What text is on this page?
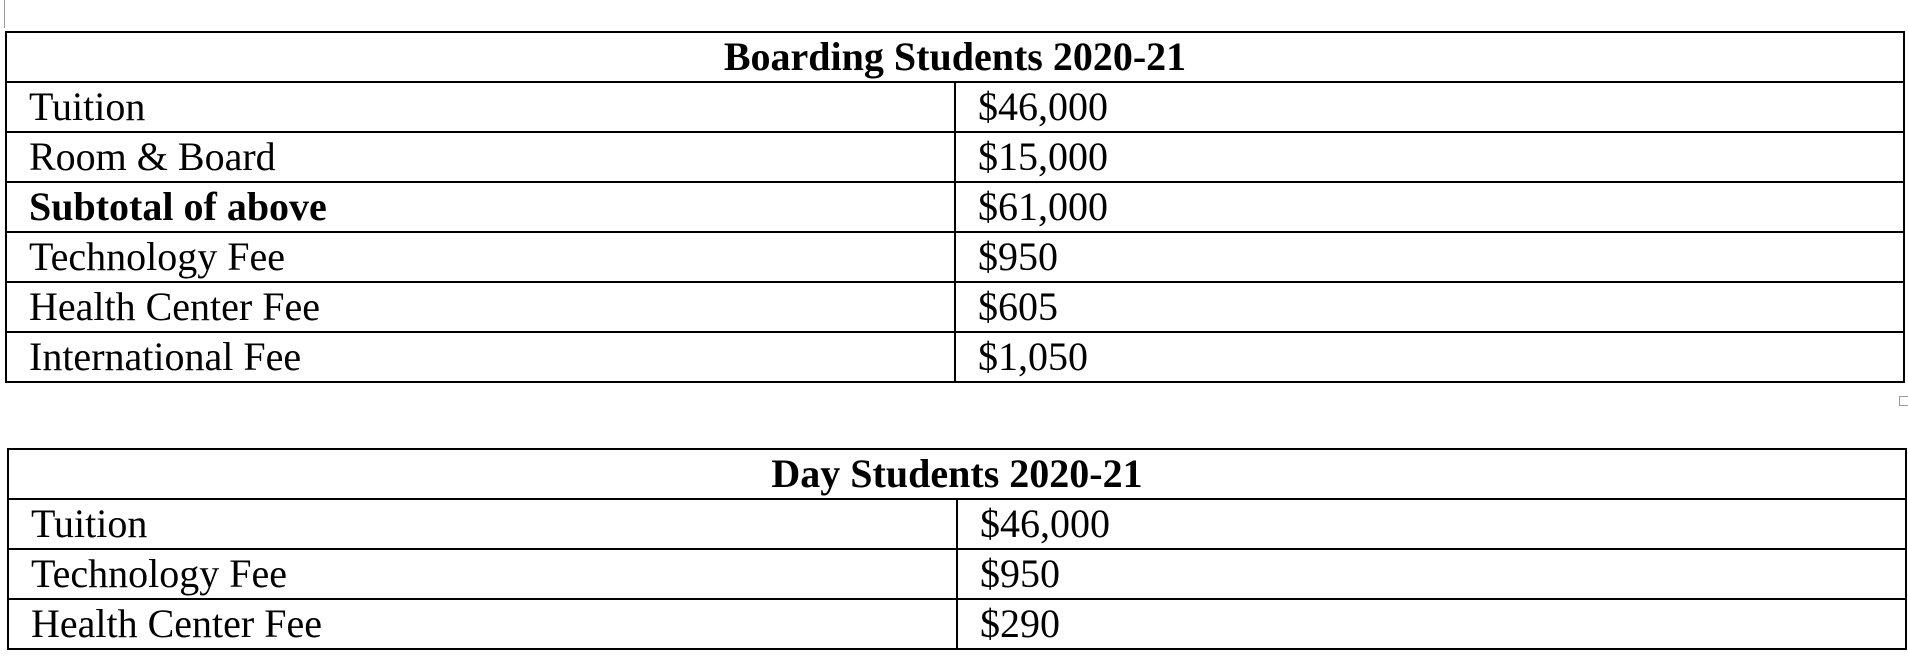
Boarding Students 2020-21	
Tuition	$46,000
Room & Board	$15,000
Subtotal of above	$61,000
Technology Fee	$950
Health Center Fee	$605
International Fee	$1,050
Day Students 2020-21	
Tuition	$46,000
Technology Fee	$950
Health Center Fee	$290
